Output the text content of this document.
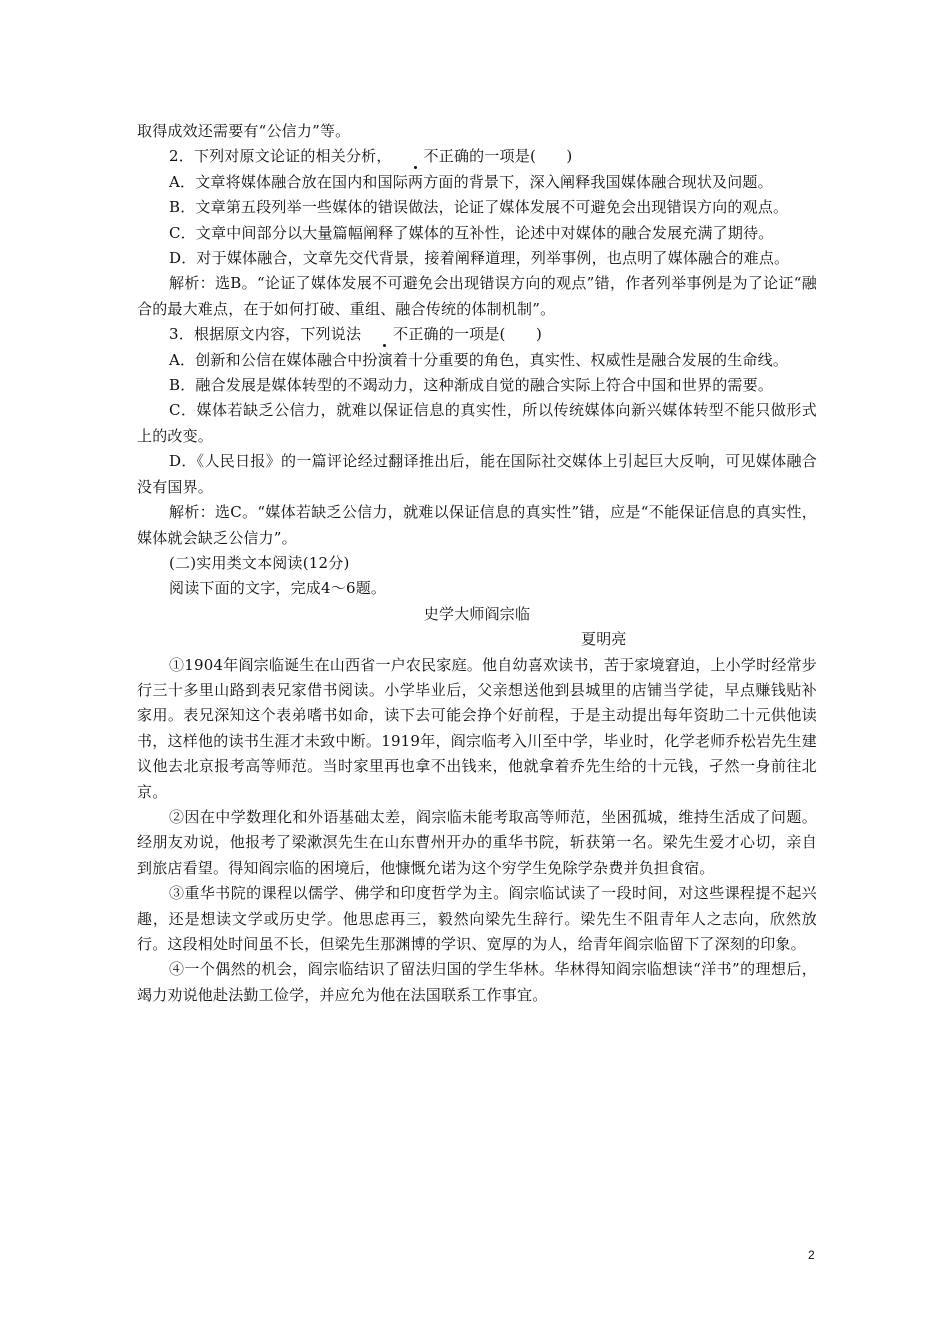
取得成效还需要有“公信力”等。

2．下列对原文论证的相关分析， 不正确的一项是(　　)

A．文章将媒体融合放在国内和国际两方面的背景下，深入阐释我国媒体融合现状及问题。

B．文章第五段列举一些媒体的错误做法，论证了媒体发展不可避免会出现错误方向的观点。

C．文章中间部分以大量篇幅阐释了媒体的互补性，论述中对媒体的融合发展充满了期待。

D．对于媒体融合，文章先交代背景，接着阐释道理，列举事例，也点明了媒体融合的难点。

解析：选B。“论证了媒体发展不可避免会出现错误方向的观点”错，作者列举事例是为了论证“融合的最大难点，在于如何打破、重组、融合传统的体制机制”。

3．根据原文内容，下列说法 不正确的一项是(　　)

A．创新和公信在媒体融合中扮演着十分重要的角色，真实性、权威性是融合发展的生命线。

B．融合发展是媒体转型的不竭动力，这种渐成自觉的融合实际上符合中国和世界的需要。

C．媒体若缺乏公信力，就难以保证信息的真实性，所以传统媒体向新兴媒体转型不能只做形式上的改变。

D．《人民日报》的一篇评论经过翻译推出后，能在国际社交媒体上引起巨大反响，可见媒体融合没有国界。

解析：选C。“媒体若缺乏公信力，就难以保证信息的真实性”错，应是“不能保证信息的真实性，媒体就会缺乏公信力”。

(二)实用类文本阅读(12分)

阅读下面的文字，完成4～6题。

史学大师阎宗临

夏明亮

①1904年阎宗临诞生在山西省一户农民家庭。他自幼喜欢读书，苦于家境窘迫，上小学时经常步行三十多里山路到表兄家借书阅读。小学毕业后，父亲想送他到县城里的店铺当学徒，早点赚钱贴补家用。表兄深知这个表弟嗜书如命，读下去可能会挣个好前程，于是主动提出每年资助二十元供他读书，这样他的读书生涯才未致中断。1919年，阎宗临考入川至中学，毕业时，化学老师乔松岩先生建议他去北京报考高等师范。当时家里再也拿不出钱来，他就拿着乔先生给的十元钱，孑然一身前往北京。

②因在中学数理化和外语基础太差，阎宗临未能考取高等师范，坐困孤城，维持生活成了问题。经朋友劝说，他报考了梁漱溟先生在山东曹州开办的重华书院，斩获第一名。梁先生爱才心切，亲自到旅店看望。得知阎宗临的困境后，他慷慨允诺为这个穷学生免除学杂费并负担食宿。

③重华书院的课程以儒学、佛学和印度哲学为主。阎宗临试读了一段时间，对这些课程提不起兴趣，还是想读文学或历史学。他思虑再三，毅然向梁先生辞行。梁先生不阻青年人之志向，欣然放行。这段相处时间虽不长，但梁先生那渊博的学识、宽厚的为人，给青年阎宗临留下了深刻的印象。

④一个偶然的机会，阎宗临结识了留法归国的学生华林。华林得知阎宗临想读“洋书”的理想后，竭力劝说他赴法勤工俭学，并应允为他在法国联系工作事宜。

2
